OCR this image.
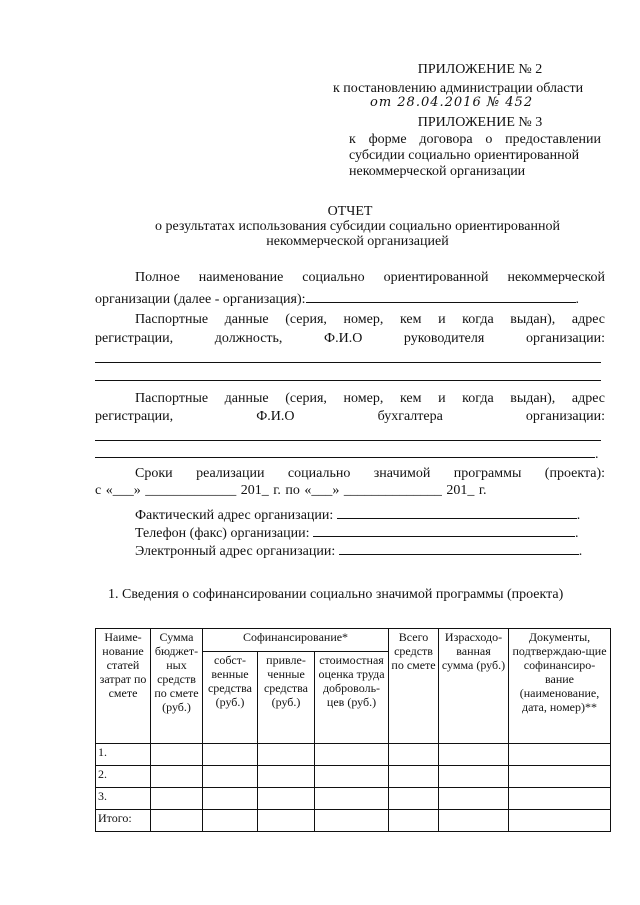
ПРИЛОЖЕНИЕ № 2
к постановлению администрации области
от 28.04.2016 № 452
ПРИЛОЖЕНИЕ № 3
к форме договора о предоставлении
субсидии социально ориентированной
некоммерческой организации
ОТЧЕТ
о результатах использования субсидии социально ориентированной
некоммерческой организацией
Полное наименование социально ориентированной некоммерческой
организации (далее - организация):	.
Паспортные данные (серия, номер, кем и когда выдан), адрес
регистрации, должность, Ф.И.О руководителя организации:
Паспортные данные (серия, номер, кем и когда выдан), адрес
регистрации, Ф.И.О бухгалтера организации:
.
Сроки реализации социально значимой программы (проекта):
с «___» _____________ 201_ г. по «___» ______________ 201_ г.
Фактический адрес организации:	.
Телефон (факс) организации:	.
Электронный адрес организации:	.
1. Сведения о софинансировании социально значимой программы (проекта)
Наиме-нование статей затрат по смете	Сумма бюджет-ных средств по смете (руб.)	Софинансирование*			Всего средств по смете	Израсходо-ванная сумма (руб.)	Документы, подтверждаю-щие софинансиро-вание (наименование, дата, номер)**
		собст-венные средства (руб.)	привле-ченные средства (руб.)	стоимостная оценка труда доброволь-цев (руб.)			
1.							
2.							
3.							
Итого:							
